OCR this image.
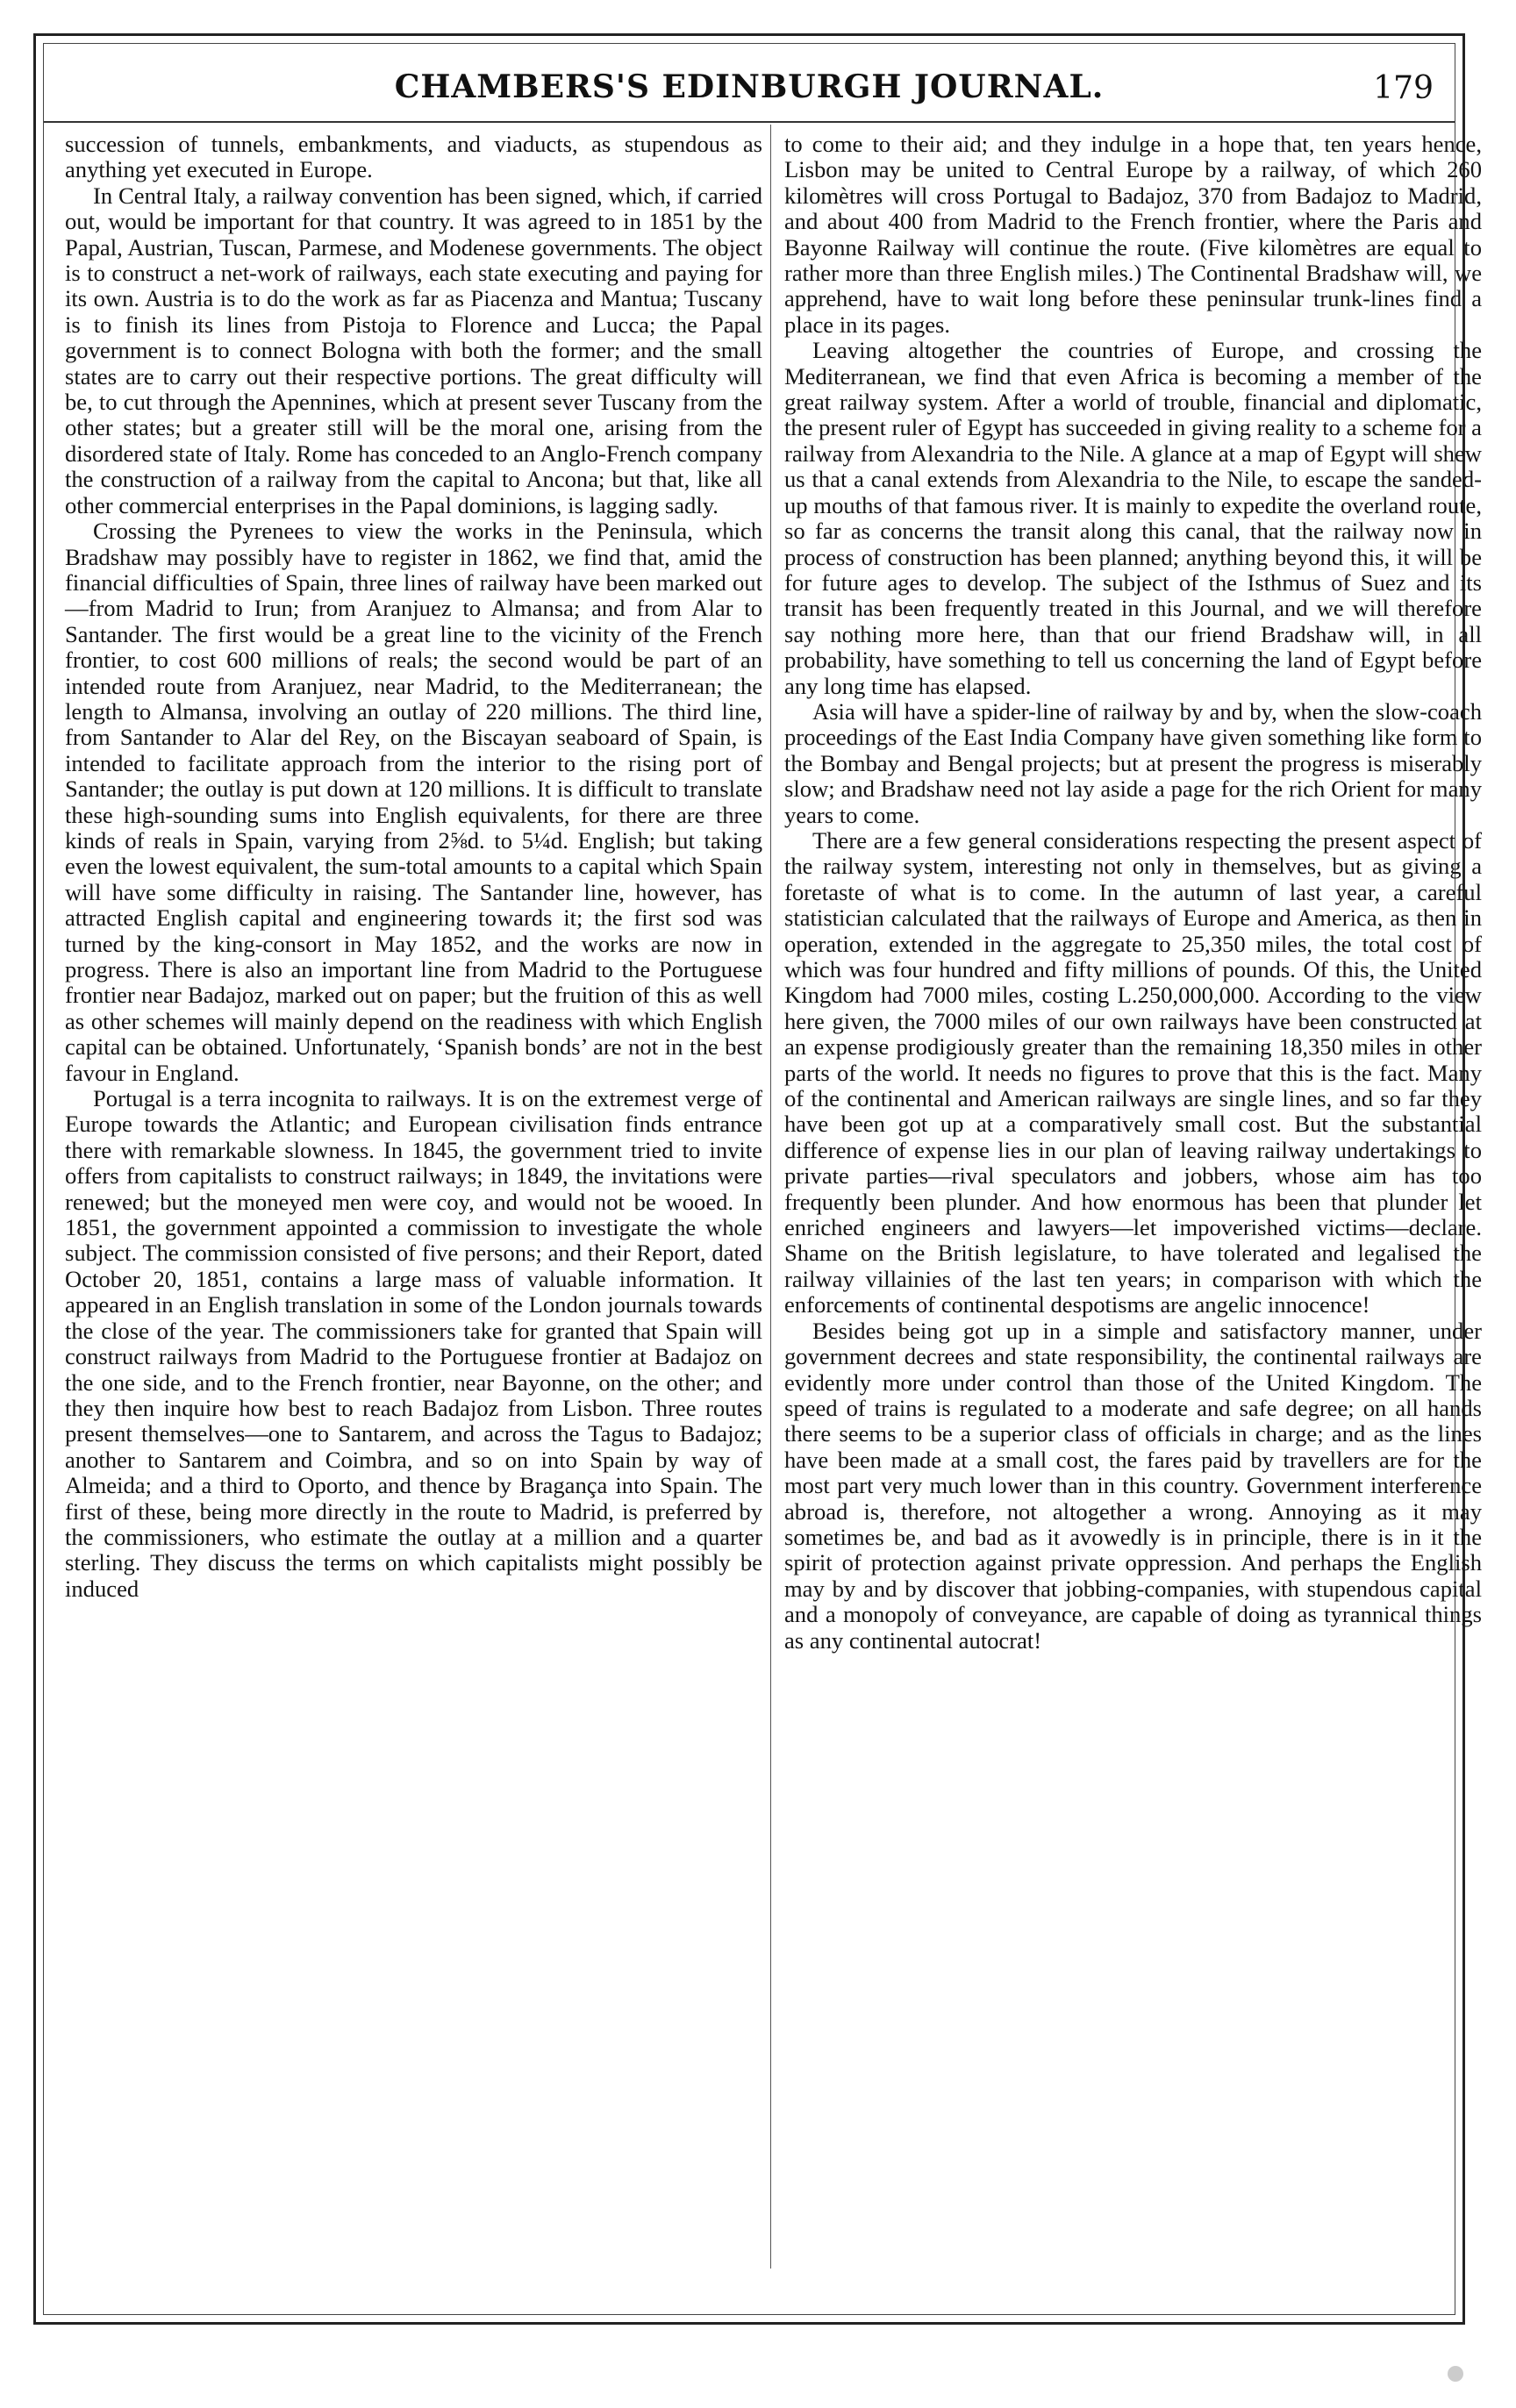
CHAMBERS'S EDINBURGH JOURNAL.	179

succession of tunnels, embankments, and viaducts, as stupendous as anything yet executed in Europe.

In Central Italy, a railway convention has been signed, which, if carried out, would be important for that country. It was agreed to in 1851 by the Papal, Austrian, Tuscan, Parmese, and Modenese governments. The object is to construct a net-work of railways, each state executing and paying for its own. Austria is to do the work as far as Piacenza and Mantua; Tuscany is to finish its lines from Pistoja to Florence and Lucca; the Papal government is to connect Bologna with both the former; and the small states are to carry out their respective portions. The great difficulty will be, to cut through the Apennines, which at present sever Tuscany from the other states; but a greater still will be the moral one, arising from the disordered state of Italy. Rome has conceded to an Anglo-French company the construction of a railway from the capital to Ancona; but that, like all other commercial enterprises in the Papal dominions, is lagging sadly.

Crossing the Pyrenees to view the works in the Peninsula, which Bradshaw may possibly have to register in 1862, we find that, amid the financial difficulties of Spain, three lines of railway have been marked out—from Madrid to Irun; from Aranjuez to Almansa; and from Alar to Santander. The first would be a great line to the vicinity of the French frontier, to cost 600 millions of reals; the second would be part of an intended route from Aranjuez, near Madrid, to the Mediterranean; the length to Almansa, involving an outlay of 220 millions. The third line, from Santander to Alar del Rey, on the Biscayan seaboard of Spain, is intended to facilitate approach from the interior to the rising port of Santander; the outlay is put down at 120 millions. It is difficult to translate these high-sounding sums into English equivalents, for there are three kinds of reals in Spain, varying from 2⅝d. to 5¼d. English; but taking even the lowest equivalent, the sum-total amounts to a capital which Spain will have some difficulty in raising. The Santander line, however, has attracted English capital and engineering towards it; the first sod was turned by the king-consort in May 1852, and the works are now in progress. There is also an important line from Madrid to the Portuguese frontier near Badajoz, marked out on paper; but the fruition of this as well as other schemes will mainly depend on the readiness with which English capital can be obtained. Unfortunately, ‘Spanish bonds’ are not in the best favour in England.

Portugal is a terra incognita to railways. It is on the extremest verge of Europe towards the Atlantic; and European civilisation finds entrance there with remarkable slowness. In 1845, the government tried to invite offers from capitalists to construct railways; in 1849, the invitations were renewed; but the moneyed men were coy, and would not be wooed. In 1851, the government appointed a commission to investigate the whole subject. The commission consisted of five persons; and their Report, dated October 20, 1851, contains a large mass of valuable information. It appeared in an English translation in some of the London journals towards the close of the year. The commissioners take for granted that Spain will construct railways from Madrid to the Portuguese frontier at Badajoz on the one side, and to the French frontier, near Bayonne, on the other; and they then inquire how best to reach Badajoz from Lisbon. Three routes present themselves—one to Santarem, and across the Tagus to Badajoz; another to Santarem and Coimbra, and so on into Spain by way of Almeida; and a third to Oporto, and thence by Bragança into Spain. The first of these, being more directly in the route to Madrid, is preferred by the commissioners, who estimate the outlay at a million and a quarter sterling. They discuss the terms on which capitalists might possibly be induced

to come to their aid; and they indulge in a hope that, ten years hence, Lisbon may be united to Central Europe by a railway, of which 260 kilomètres will cross Portugal to Badajoz, 370 from Badajoz to Madrid, and about 400 from Madrid to the French frontier, where the Paris and Bayonne Railway will continue the route. (Five kilomètres are equal to rather more than three English miles.) The Continental Bradshaw will, we apprehend, have to wait long before these peninsular trunk-lines find a place in its pages.

Leaving altogether the countries of Europe, and crossing the Mediterranean, we find that even Africa is becoming a member of the great railway system. After a world of trouble, financial and diplomatic, the present ruler of Egypt has succeeded in giving reality to a scheme for a railway from Alexandria to the Nile. A glance at a map of Egypt will shew us that a canal extends from Alexandria to the Nile, to escape the sanded-up mouths of that famous river. It is mainly to expedite the overland route, so far as concerns the transit along this canal, that the railway now in process of construction has been planned; anything beyond this, it will be for future ages to develop. The subject of the Isthmus of Suez and its transit has been frequently treated in this Journal, and we will therefore say nothing more here, than that our friend Bradshaw will, in all probability, have something to tell us concerning the land of Egypt before any long time has elapsed.

Asia will have a spider-line of railway by and by, when the slow-coach proceedings of the East India Company have given something like form to the Bombay and Bengal projects; but at present the progress is miserably slow; and Bradshaw need not lay aside a page for the rich Orient for many years to come.

There are a few general considerations respecting the present aspect of the railway system, interesting not only in themselves, but as giving a foretaste of what is to come. In the autumn of last year, a careful statistician calculated that the railways of Europe and America, as then in operation, extended in the aggregate to 25,350 miles, the total cost of which was four hundred and fifty millions of pounds. Of this, the United Kingdom had 7000 miles, costing L.250,000,000. According to the view here given, the 7000 miles of our own railways have been constructed at an expense prodigiously greater than the remaining 18,350 miles in other parts of the world. It needs no figures to prove that this is the fact. Many of the continental and American railways are single lines, and so far they have been got up at a comparatively small cost. But the substantial difference of expense lies in our plan of leaving railway undertakings to private parties—rival speculators and jobbers, whose aim has too frequently been plunder. And how enormous has been that plunder let enriched engineers and lawyers—let impoverished victims—declare. Shame on the British legislature, to have tolerated and legalised the railway villainies of the last ten years; in comparison with which the enforcements of continental despotisms are angelic innocence!

Besides being got up in a simple and satisfactory manner, under government decrees and state responsibility, the continental railways are evidently more under control than those of the United Kingdom. The speed of trains is regulated to a moderate and safe degree; on all hands there seems to be a superior class of officials in charge; and as the lines have been made at a small cost, the fares paid by travellers are for the most part very much lower than in this country. Government interference abroad is, therefore, not altogether a wrong. Annoying as it may sometimes be, and bad as it avowedly is in principle, there is in it the spirit of protection against private oppression. And perhaps the English may by and by discover that jobbing-companies, with stupendous capital and a monopoly of conveyance, are capable of doing as tyrannical things as any continental autocrat!
